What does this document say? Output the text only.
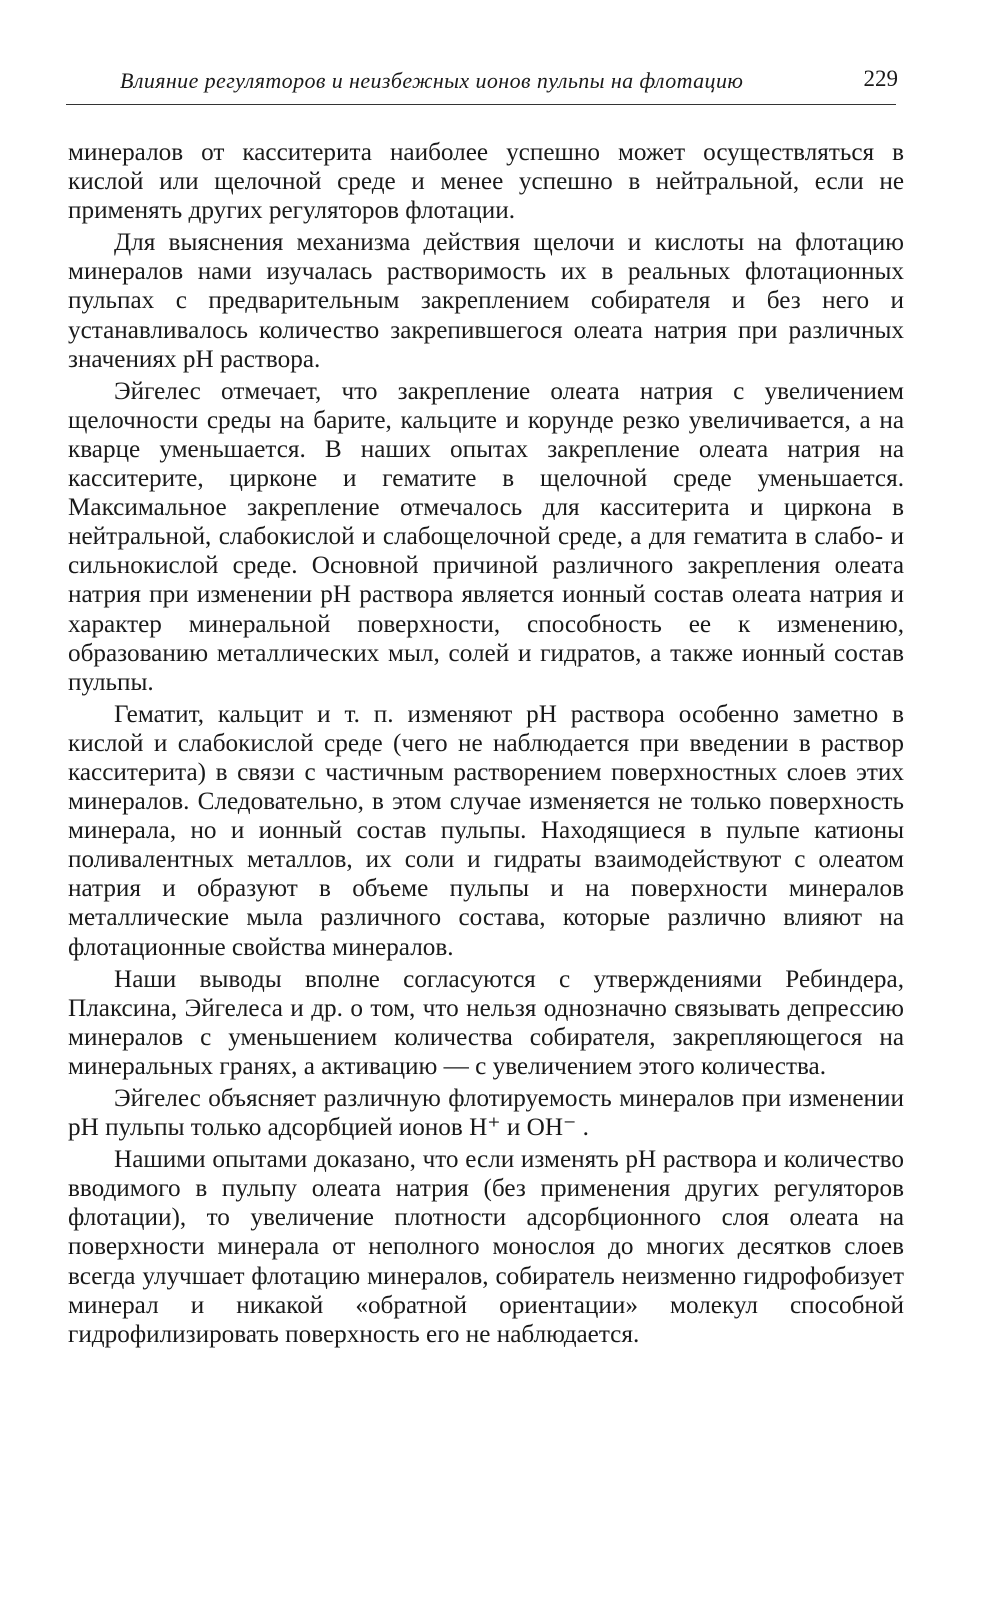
Влияние регуляторов и неизбежных ионов пульпы на флотацию	229

минералов от касситерита наиболее успешно может осуществляться в кислой или щелочной среде и менее успешно в нейтральной, если не применять других регуляторов флотации.

Для выяснения механизма действия щелочи и кислоты на флотацию минералов нами изучалась растворимость их в реальных флотационных пульпах с предварительным закреплением собирателя и без него и устанавливалось количество закрепившегося олеата натрия при различных значениях рН раствора.

Эйгелес отмечает, что закрепление олеата натрия с увеличением щелочности среды на барите, кальците и корунде резко увеличивается, а на кварце уменьшается. В наших опытах закрепление олеата натрия на касситерите, цирконе и гематите в щелочной среде уменьшается. Максимальное закрепление отмечалось для касситерита и циркона в нейтральной, слабокислой и слабощелочной среде, а для гематита в слабо- и сильнокислой среде. Основной причиной различного закрепления олеата натрия при изменении рН раствора является ионный состав олеата натрия и характер минеральной поверхности, способность ее к изменению, образованию металлических мыл, солей и гидратов, а также ионный состав пульпы.

Гематит, кальцит и т. п. изменяют рН раствора особенно заметно в кислой и слабокислой среде (чего не наблюдается при введении в раствор касситерита) в связи с частичным растворением поверхностных слоев этих минералов. Следовательно, в этом случае изменяется не только поверхность минерала, но и ионный состав пульпы. Находящиеся в пульпе катионы поливалентных металлов, их соли и гидраты взаимодействуют с олеатом натрия и образуют в объеме пульпы и на поверхности минералов металлические мыла различного состава, которые различно влияют на флотационные свойства минералов.

Наши выводы вполне согласуются с утверждениями Ребиндера, Плаксина, Эйгелеса и др. о том, что нельзя однозначно связывать депрессию минералов с уменьшением количества собирателя, закрепляющегося на минеральных гранях, а активацию — с увеличением этого количества.

Эйгелес объясняет различную флотируемость минералов при изменении рН пульпы только адсорбцией ионов H⁺ и OH⁻ .

Нашими опытами доказано, что если изменять рН раствора и количество вводимого в пульпу олеата натрия (без применения других регуляторов флотации), то увеличение плотности адсорбционного слоя олеата на поверхности минерала от неполного монослоя до многих десятков слоев всегда улучшает флотацию минералов, собиратель неизменно гидрофобизует минерал и никакой «обратной ориентации» молекул способной гидрофилизировать поверхность его не наблюдается.
